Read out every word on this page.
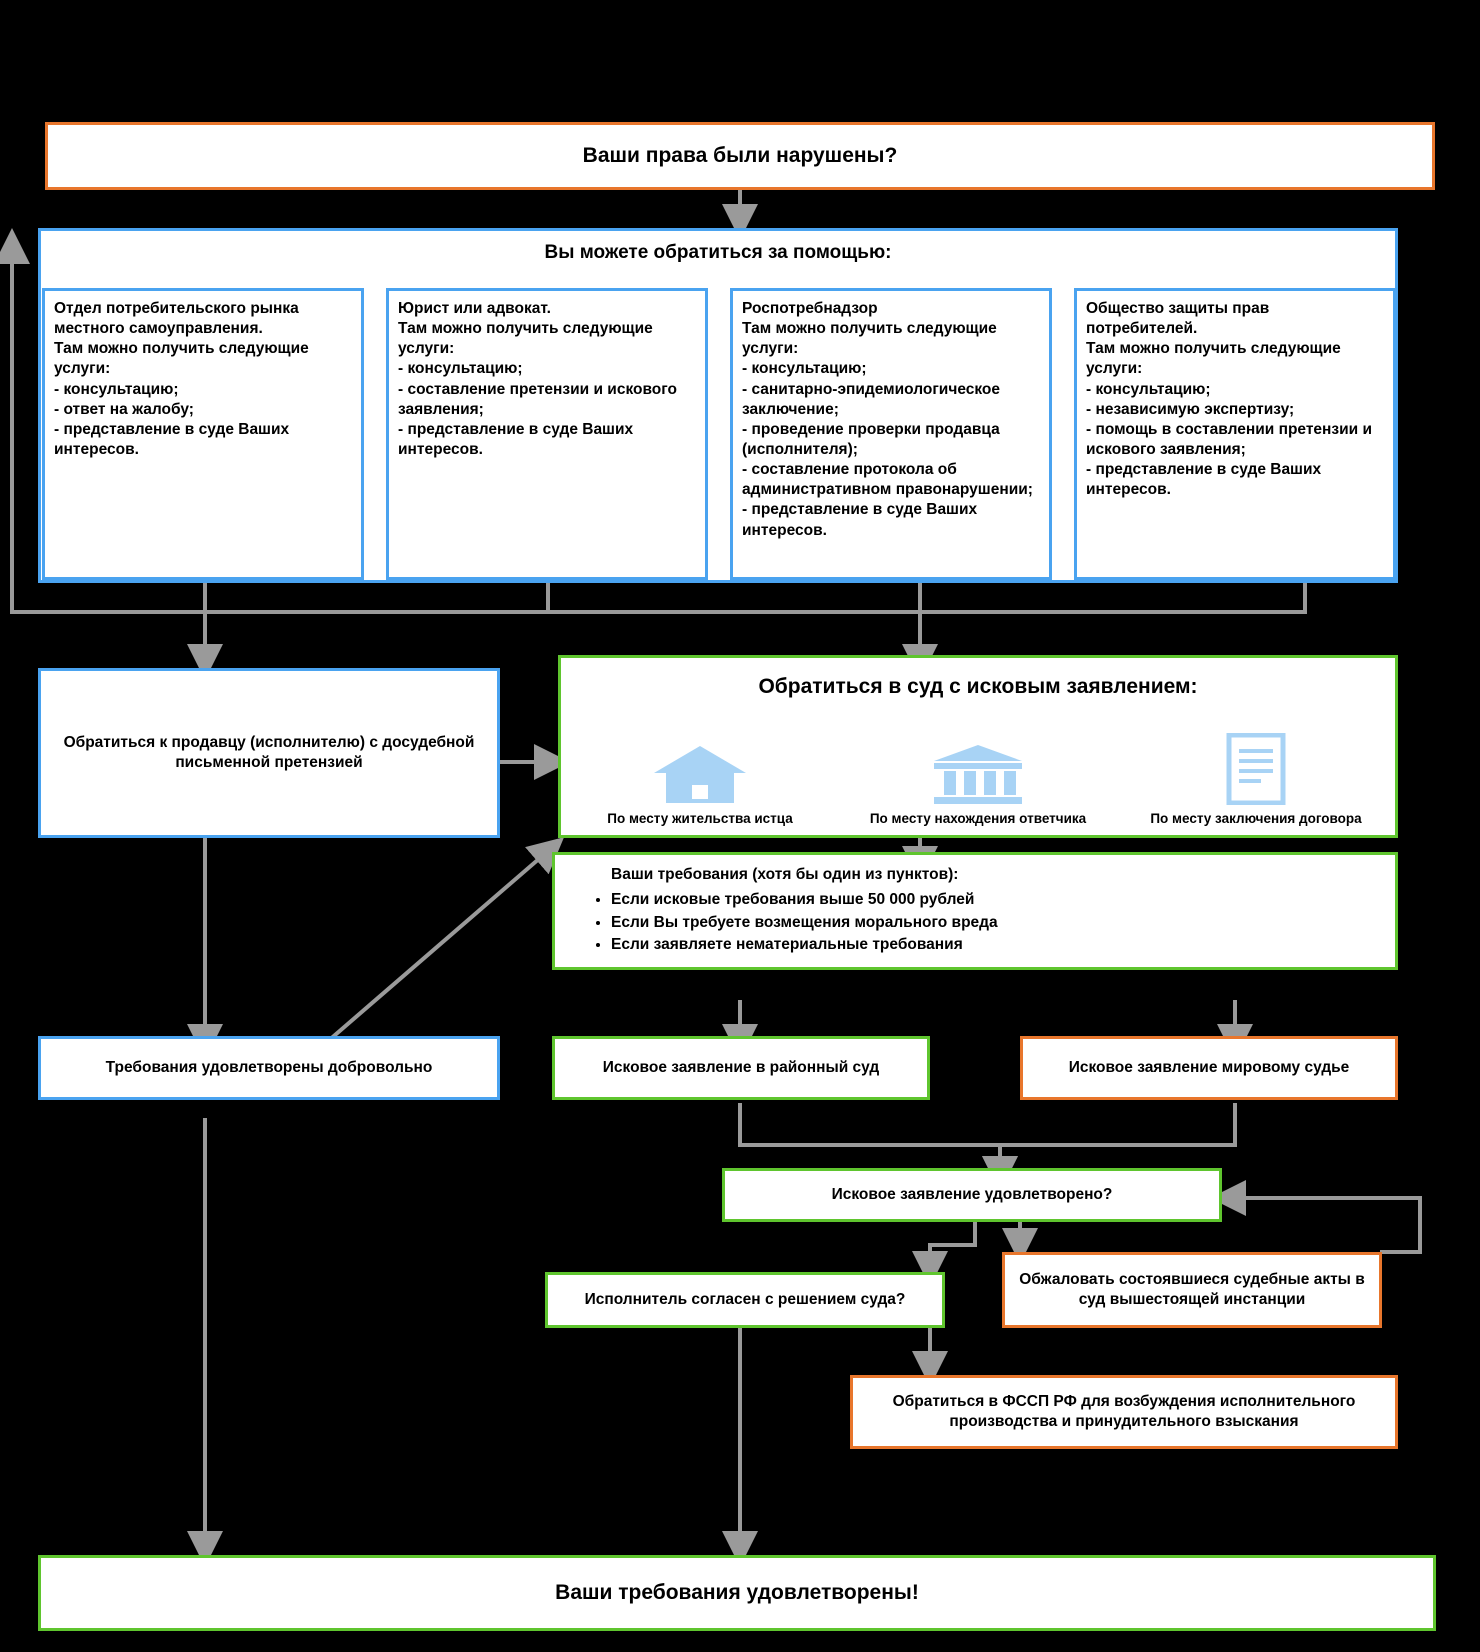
Ваши права были нарушены?
Вы можете обратиться за помощью:
Отдел потребительского рынка местного самоуправления.
Там можно получить следующие услуги:
- консультацию;
- ответ на жалобу;
- представление в суде Ваших интересов.
Юрист или адвокат.
Там можно получить следующие услуги:
- консультацию;
- составление претензии и искового заявления;
- представление в суде Ваших интересов.
Роспотребнадзор
Там можно получить следующие услуги:
- консультацию;
- санитарно-эпидемиологическое заключение;
- проведение проверки продавца (исполнителя);
- составление протокола об административном правонарушении;
- представление в суде Ваших интересов.
Общество защиты прав потребителей.
Там можно получить следующие услуги:
- консультацию;
- независимую экспертизу;
- помощь в составлении претензии и искового заявления;
- представление в суде Ваших интересов.
Обратиться к продавцу (исполнителю) с досудебной письменной претензией
Обратиться в суд с исковым заявлением:
По месту жительства истца	По месту нахождения ответчика	По месту заключения договора
Ваши требования (хотя бы один из пунктов):
• Если исковые требования выше 50 000 рублей
• Если Вы требуете возмещения морального вреда
• Если заявляете нематериальные требования
Требования удовлетворены добровольно	Исковое заявление в районный суд	Исковое заявление мировому судье
Исковое заявление удовлетворено?
Исполнитель согласен с решением суда?
Обжаловать состоявшиеся судебные акты в суд вышестоящей инстанции
Обратиться в ФССП РФ для возбуждения исполнительного производства и принудительного взыскания
Ваши требования удовлетворены!
